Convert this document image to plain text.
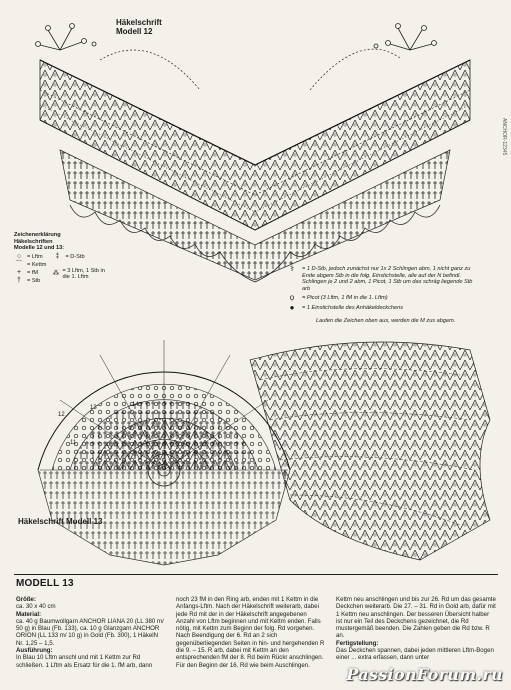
Häkelschrift
Modell 12
Zeichenerklärung
Häkelschriften
Modelle 12 und 13:
○	= Lftm
⌒ = Kettm
+	= fM
†	= Stb
‡	= D-Stb
⁂ = 3 Lftm, 1 Stb in die 1. Lftm
⚕	= 1 D-Stb, jedoch zunächst nur 1x 2 Schlingen abm, 1 nicht ganz zu Ende abgem Stb in die folg. Einstichstelle, alle auf der N befindl. Schlingen je 2 und 2 abm, 1 Picot, 1 Stb um das schräg liegende Stb arb
ọ	= Picot (3 Lftm, 1 fM in die 1. Lftm)
●	= 1 Einstichstelle des Anhäkeldeckchens
Laufen die Zeichen oben aus, werden die M zus abgem.
12
13	14
11
Häkelschrift Modell 13
MODELL 13

Größe:

ca. 30 x 40 cm

Material:

ca. 40 g Baumwollgarn ANCHOR LIANA 20 (LL 380 m/ 50 g) in Blau (Fb. 133), ca. 10 g Glanzgarn ANCHOR ORION (LL 133 m/ 10 g) in Gold (Fb. 300), 1 HäkelN Nr. 1,25 – 1,5.

Ausführung:

In Blau 10 Lftm anschl und mit 1 Kettm zur Rd schließen. 1 Lftm als Ersatz für die 1. fM arb, dann

noch 23 fM in den Ring arb, enden mit 1 Kettm in die Anfangs-Lftm. Nach der Häkelschrift weiterarb, dabei jede Rd mit der in der Häkelschrift angegebenen Anzahl von Lftm beginnen und mit Kettm enden. Falls nötig, mit Kettm zum Beginn der folg. Rd vorgehen. Nach Beendigung der 6. Rd an 2 sich gegenüberliegenden Seiten in hin- und hergehenden R die 9. – 15. R arb, dabei mit Kettm an den entsprechenden fM der 8. Rd beim Rückr anschlingen. Für den Beginn der 16. Rd wie beim Auschlingen.

Kettm neu anschlingen und bis zur 26. Rd um das gesamte Deckchen weiterarb. Die 27. – 31. Rd in Gold arb, dafür mit 1 Kettm neu anschlingen. Der besseren Übersicht halber ist nur ein Teil des Deckchens gezeichnet, die Rd mustergemäß beenden. Die Zahlen geben die Rd bzw. R an.

Fertigstellung:

Das Deckchen spannen, dabei jeden mittleren Lftm-Bogen einer ... extra erfassen, dann unter

ANCHOR-12345
PassionForum.ru
